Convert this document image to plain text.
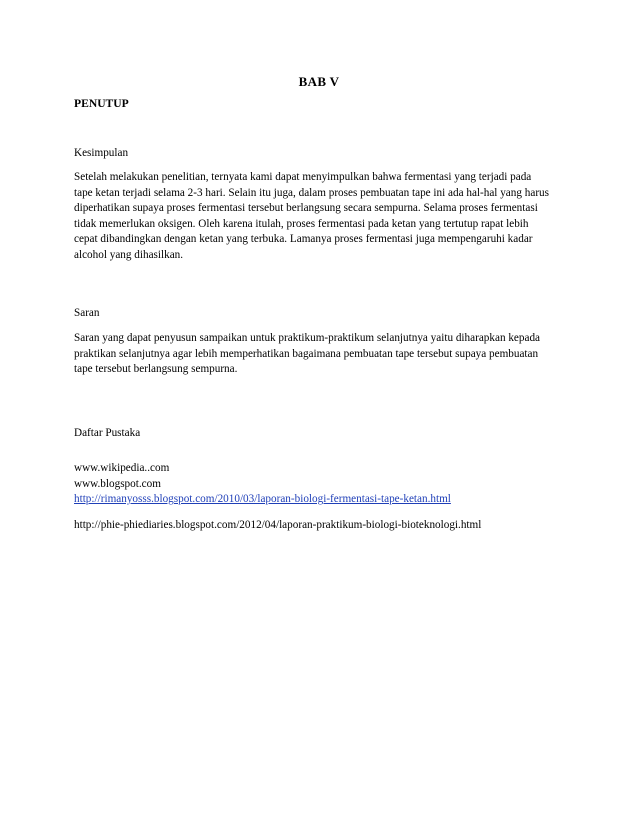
BAB V
PENUTUP
Kesimpulan
Setelah melakukan penelitian, ternyata kami dapat menyimpulkan bahwa fermentasi yang terjadi pada
tape ketan terjadi selama 2-3 hari. Selain itu juga, dalam proses pembuatan tape ini ada hal-hal yang harus
diperhatikan supaya proses fermentasi tersebut berlangsung secara sempurna. Selama proses fermentasi
tidak memerlukan oksigen. Oleh karena itulah, proses fermentasi pada ketan yang tertutup rapat lebih
cepat dibandingkan dengan ketan yang terbuka. Lamanya proses fermentasi juga mempengaruhi kadar
alcohol yang dihasilkan.
Saran
Saran yang dapat penyusun sampaikan untuk praktikum-praktikum selanjutnya yaitu diharapkan kepada
praktikan selanjutnya agar lebih memperhatikan bagaimana pembuatan tape tersebut supaya pembuatan
tape tersebut berlangsung sempurna.
Daftar Pustaka
www.wikipedia..com
www.blogspot.com
http://rimanyosss.blogspot.com/2010/03/laporan-biologi-fermentasi-tape-ketan.html
http://phie-phiediaries.blogspot.com/2012/04/laporan-praktikum-biologi-bioteknologi.html
